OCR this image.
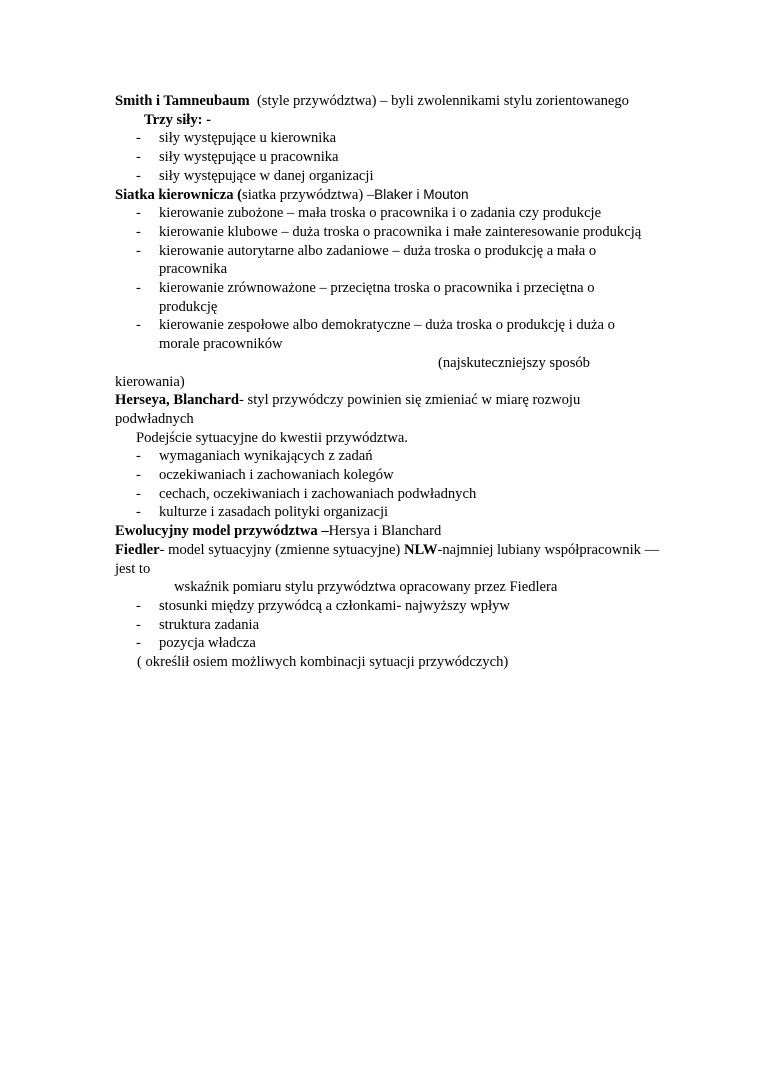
Smith i Tamneubaum (style przywództwa) – byli zwolennikami stylu zorientowanego
Trzy siły: -
- siły występujące u kierownika
- siły występujące u pracownika
- siły występujące w danej organizacji
Siatka kierownicza (siatka przywództwa) –Blaker i Mouton
- kierowanie zubożone – mała troska o pracownika i o zadania czy produkcje
- kierowanie klubowe – duża troska o pracownika i małe zainteresowanie produkcją
- kierowanie autorytarne albo zadaniowe – duża troska o produkcję a mała o pracownika
- kierowanie zrównoważone – przeciętna troska o pracownika i przeciętna o produkcję
- kierowanie zespołowe albo demokratyczne – duża troska o produkcję i duża o morale pracowników
(najskuteczniejszy sposób
kierowania)
Herseya, Blanchard- styl przywódczy powinien się zmieniać w miarę rozwoju podwładnych
Podejście sytuacyjne do kwestii przywództwa.
- wymaganiach wynikających z zadań
- oczekiwaniach i zachowaniach kolegów
- cechach, oczekiwaniach i zachowaniach podwładnych
- kulturze i zasadach polityki organizacji
Ewolucyjny model przywództwa –Hersya i Blanchard
Fiedler- model sytuacyjny (zmienne sytuacyjne) NLW-najmniej lubiany współpracownik —jest to
wskaźnik pomiaru stylu przywództwa opracowany przez Fiedlera
- stosunki między przywódcą a członkami- najwyższy wpływ
- struktura zadania
- pozycja władcza
( określił osiem możliwych kombinacji sytuacji przywódczych)
